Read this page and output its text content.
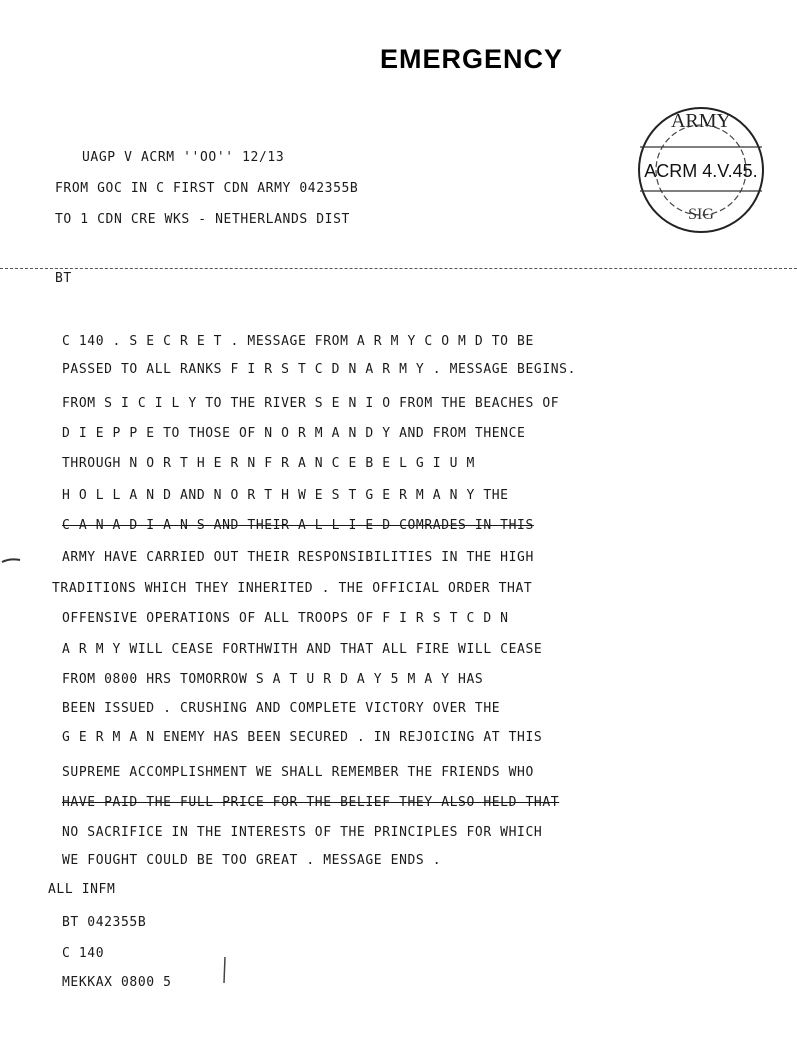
EMERGENCY
ARMY
ACRM 4.V.45.
SIG
UAGP V ACRM ''OO'' 12/13
FROM GOC IN C FIRST CDN ARMY 042355B
TO 1 CDN CRE WKS - NETHERLANDS DIST
BT
C 140 . S E C R E T . MESSAGE FROM A R M Y C O M D TO BE
PASSED TO ALL RANKS F I R S T C D N A R M Y . MESSAGE BEGINS.
FROM S I C I L Y TO THE RIVER S E N I O FROM THE BEACHES OF
D I E P P E TO THOSE OF N O R M A N D Y AND FROM THENCE
THROUGH N O R T H E R N F R A N C E B E L G I U M
H O L L A N D AND N O R T H W E S T G E R M A N Y THE
C A N A D I A N S AND THEIR A L L I E D COMRADES IN THIS
ARMY HAVE CARRIED OUT THEIR RESPONSIBILITIES IN THE HIGH
TRADITIONS WHICH THEY INHERITED . THE OFFICIAL ORDER THAT
OFFENSIVE OPERATIONS OF ALL TROOPS OF F I R S T C D N
A R M Y WILL CEASE FORTHWITH AND THAT ALL FIRE WILL CEASE
FROM 0800 HRS TOMORROW S A T U R D A Y 5 M A Y HAS
BEEN ISSUED . CRUSHING AND COMPLETE VICTORY OVER THE
G E R M A N ENEMY HAS BEEN SECURED . IN REJOICING AT THIS
SUPREME ACCOMPLISHMENT WE SHALL REMEMBER THE FRIENDS WHO
HAVE PAID THE FULL PRICE FOR THE BELIEF THEY ALSO HELD THAT
NO SACRIFICE IN THE INTERESTS OF THE PRINCIPLES FOR WHICH
WE FOUGHT COULD BE TOO GREAT . MESSAGE ENDS .
ALL INFM
BT 042355B
C 140
MEKKAX 0800 5
